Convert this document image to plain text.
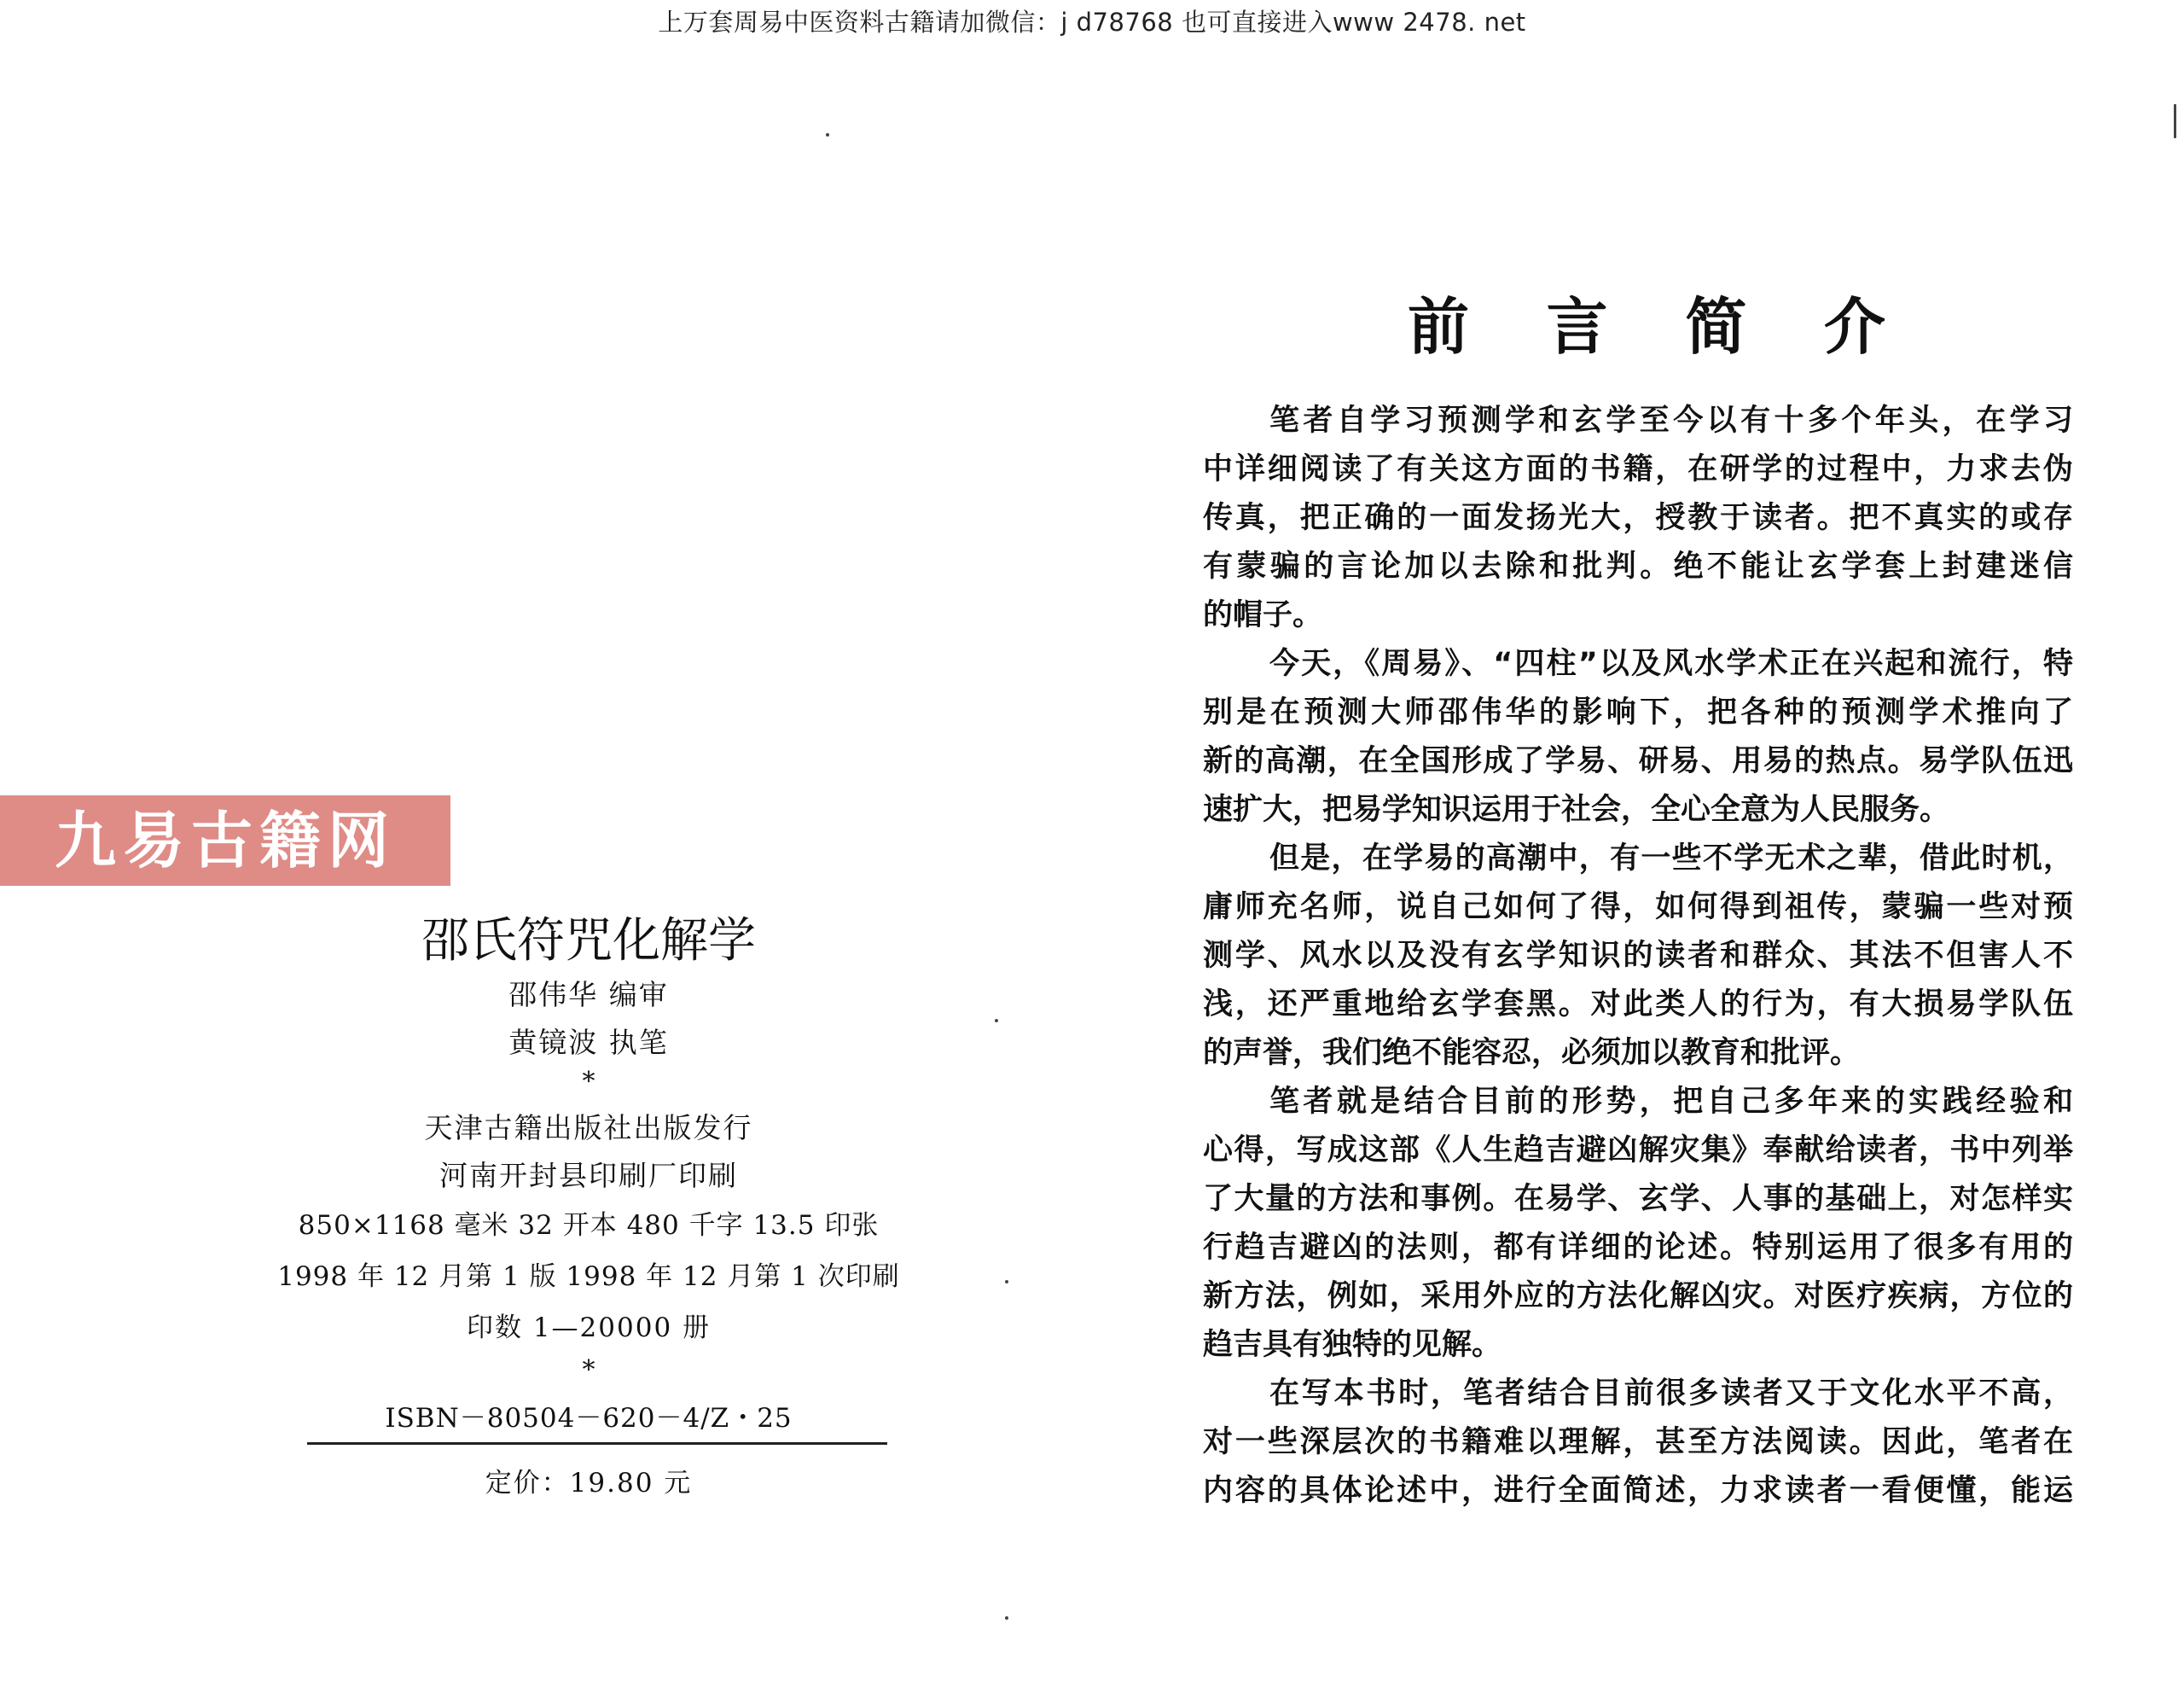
上万套周易中医资料古籍请加微信：j d78768 也可直接进入www 2478. net
九易古籍网
邵氏符咒化解学
邵伟华 编审
黄镜波 执笔
*
天津古籍出版社出版发行
河南开封县印刷厂印刷
850×1168 毫米 32 开本 480 千字 13.5 印张
1998 年 12 月第 1 版 1998 年 12 月第 1 次印刷
印数 1—20000 册
*
ISBN－80504－620－4/Z・25
定价：19.80 元
前 言 简 介
笔者自学习预测学和玄学至今以有十多个年头，在学习
中详细阅读了有关这方面的书籍，在研学的过程中，力求去伪
传真，把正确的一面发扬光大，授教于读者。把不真实的或存
有蒙骗的言论加以去除和批判。绝不能让玄学套上封建迷信
的帽子。
今天，《周易》、“四柱”以及风水学术正在兴起和流行，特
别是在预测大师邵伟华的影响下，把各种的预测学术推向了
新的高潮，在全国形成了学易、研易、用易的热点。易学队伍迅
速扩大，把易学知识运用于社会，全心全意为人民服务。
但是，在学易的高潮中，有一些不学无术之辈，借此时机，
庸师充名师，说自己如何了得，如何得到祖传，蒙骗一些对预
测学、风水以及没有玄学知识的读者和群众、其法不但害人不
浅，还严重地给玄学套黑。对此类人的行为，有大损易学队伍
的声誉，我们绝不能容忍，必须加以教育和批评。
笔者就是结合目前的形势，把自己多年来的实践经验和
心得，写成这部《人生趋吉避凶解灾集》奉献给读者，书中列举
了大量的方法和事例。在易学、玄学、人事的基础上，对怎样实
行趋吉避凶的法则，都有详细的论述。特别运用了很多有用的
新方法，例如，采用外应的方法化解凶灾。对医疗疾病，方位的
趋吉具有独特的见解。
在写本书时，笔者结合目前很多读者又于文化水平不高，
对一些深层次的书籍难以理解，甚至方法阅读。因此，笔者在
内容的具体论述中，进行全面简述，力求读者一看便懂，能运
